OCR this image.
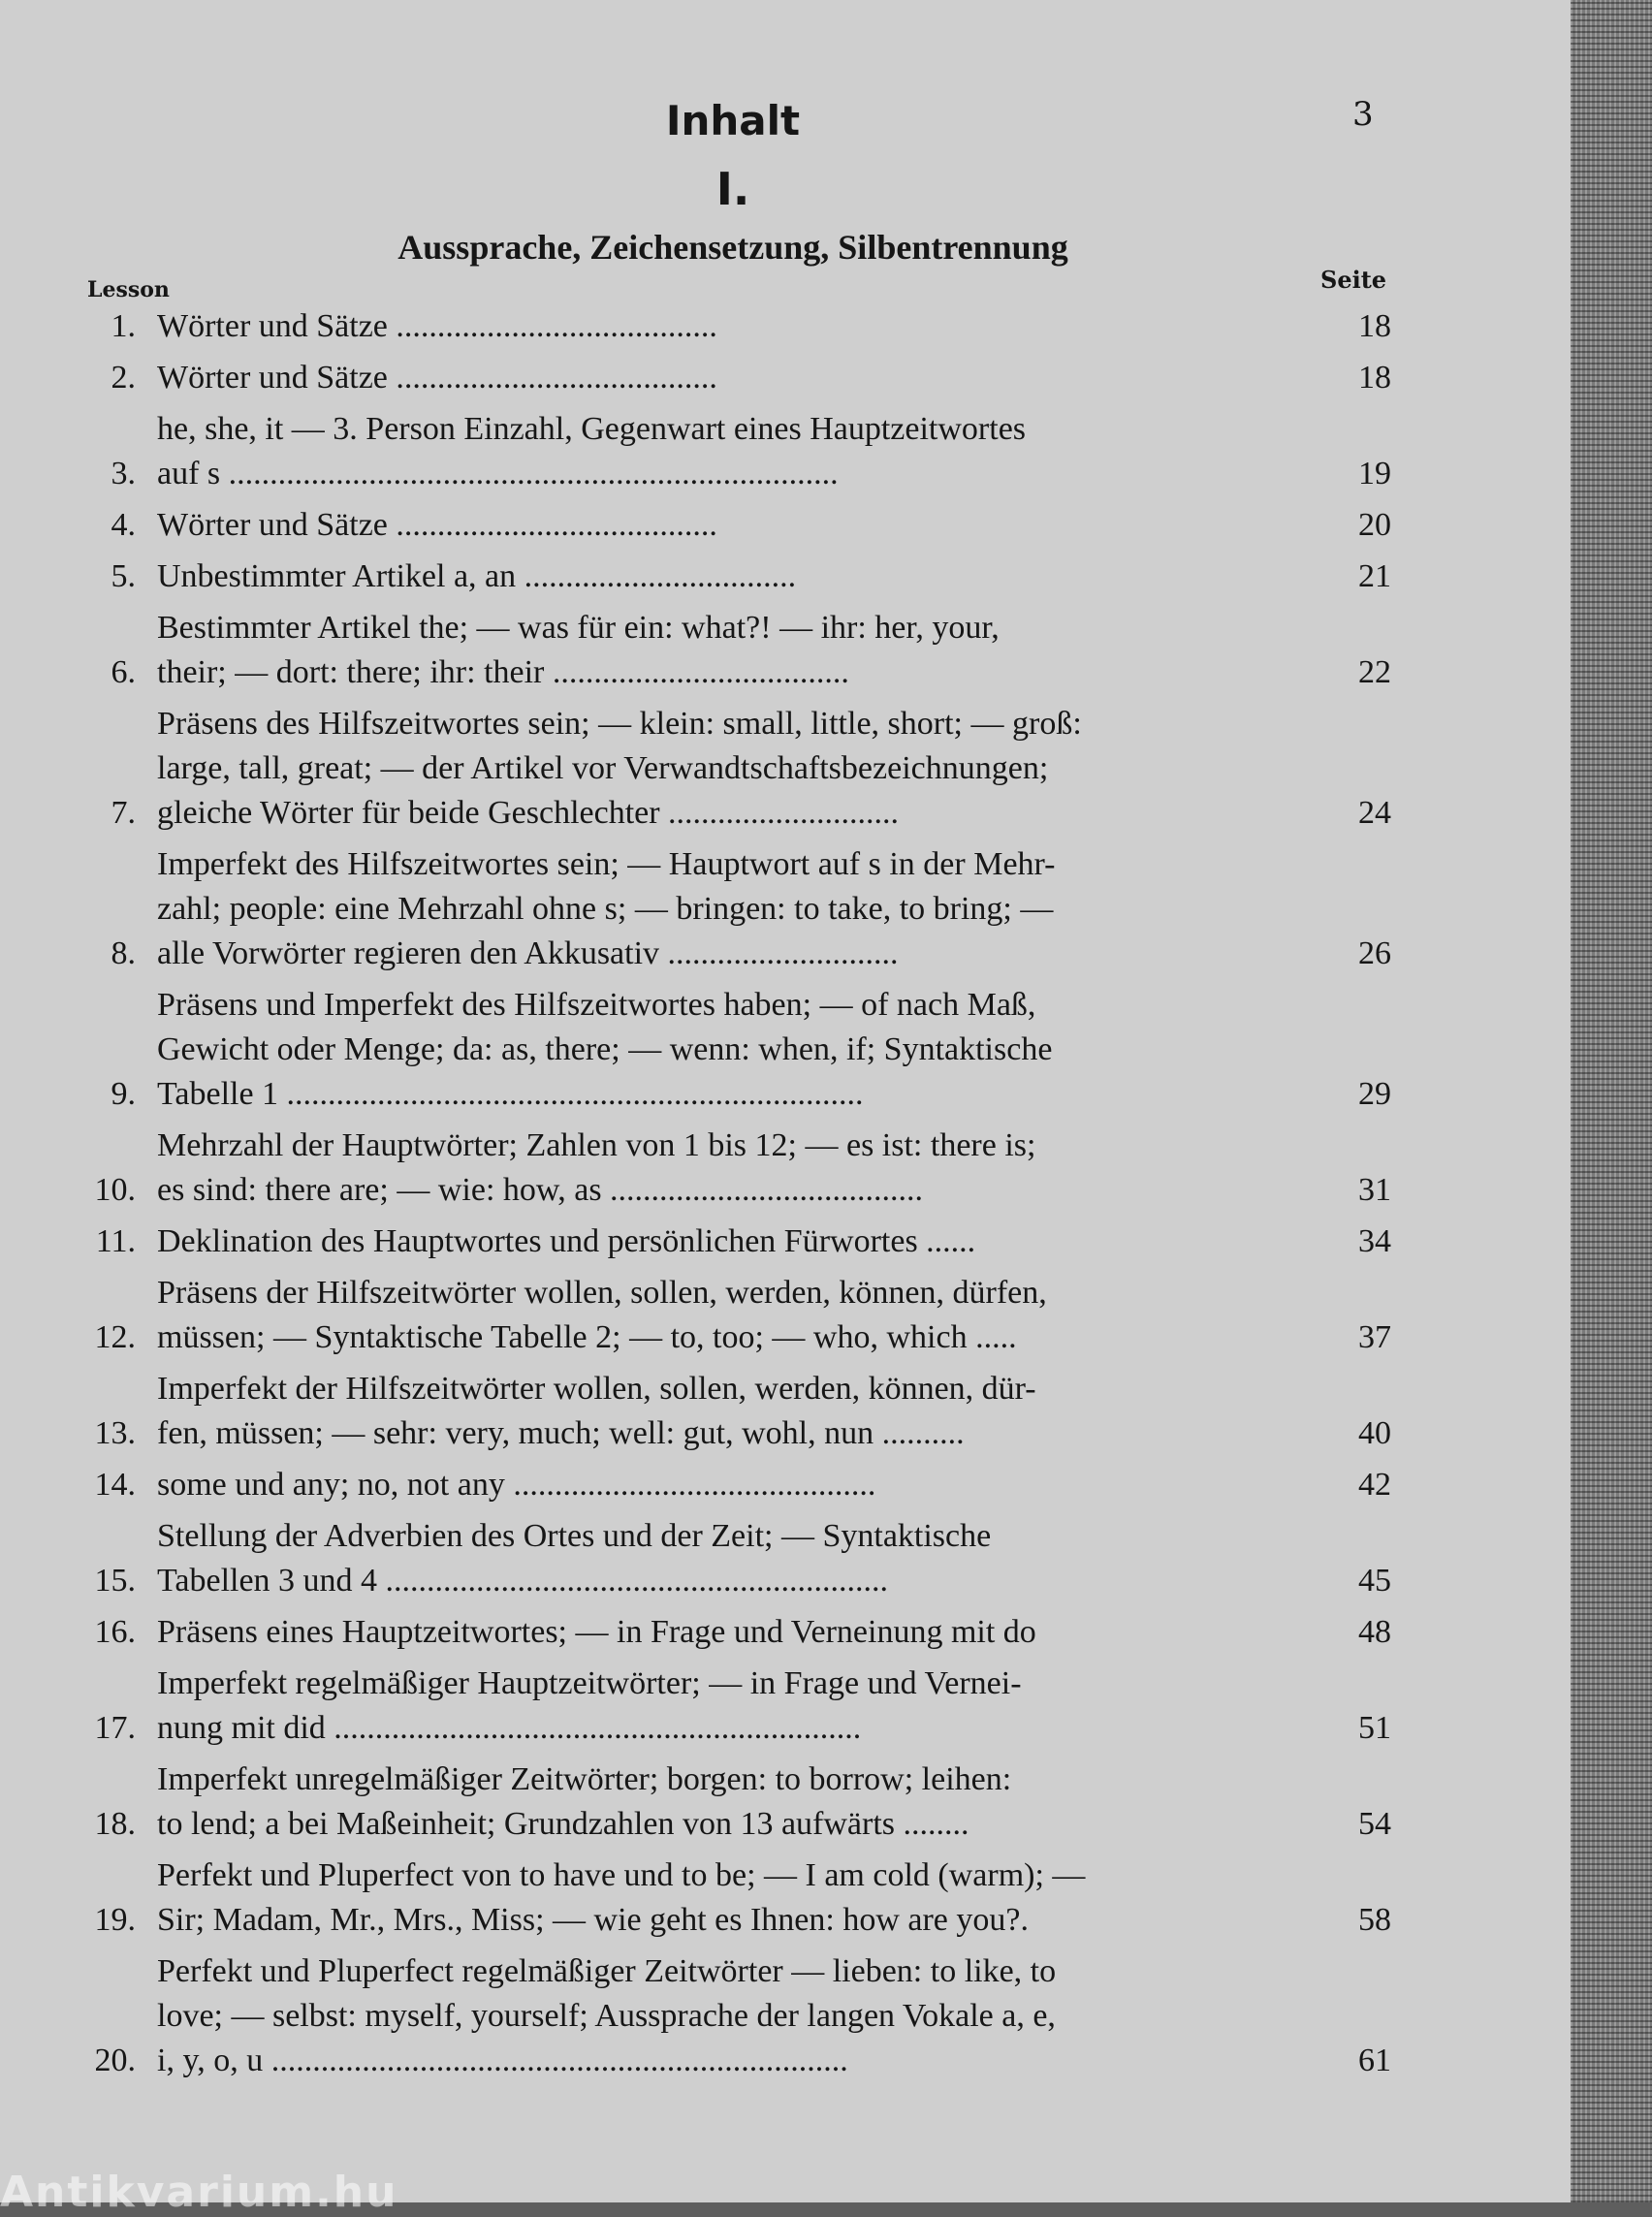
3
Inhalt
I.
Aussprache, Zeichensetzung, Silbentrennung
Lesson	Seite
1. Wörter und Sätze .......................................	18
2. Wörter und Sätze .......................................	18
3.
he, she, it — 3. Person Einzahl, Gegenwart eines Hauptzeitwortes
auf s ..........................................................................	19
4. Wörter und Sätze .......................................	20
5. Unbestimmter Artikel a, an .................................	21
6.
Bestimmter Artikel the; — was für ein: what?! — ihr: her, your,
their; — dort: there; ihr: their ....................................	22
7.
Präsens des Hilfszeitwortes sein; — klein: small, little, short; — groß:
large, tall, great; — der Artikel vor Verwandtschaftsbezeichnungen;
gleiche Wörter für beide Geschlechter ............................	24
8.
Imperfekt des Hilfszeitwortes sein; — Hauptwort auf s in der Mehr-
zahl; people: eine Mehrzahl ohne s; — bringen: to take, to bring; —
alle Vorwörter regieren den Akkusativ ............................	26
9.
Präsens und Imperfekt des Hilfszeitwortes haben; — of nach Maß,
Gewicht oder Menge; da: as, there; — wenn: when, if; Syntaktische
Tabelle 1 ......................................................................	29
10.
Mehrzahl der Hauptwörter; Zahlen von 1 bis 12; — es ist: there is;
es sind: there are; — wie: how, as ......................................	31
11. Deklination des Hauptwortes und persönlichen Fürwortes ......	34
12.
Präsens der Hilfszeitwörter wollen, sollen, werden, können, dürfen,
müssen; — Syntaktische Tabelle 2; — to, too; — who, which .....	37
13.
Imperfekt der Hilfszeitwörter wollen, sollen, werden, können, dür-
fen, müssen; — sehr: very, much; well: gut, wohl, nun ..........	40
14. some und any; no, not any ............................................	42
15.
Stellung der Adverbien des Ortes und der Zeit; — Syntaktische
Tabellen 3 und 4 .............................................................	45
16. Präsens eines Hauptzeitwortes; — in Frage und Verneinung mit do	48
17.
Imperfekt regelmäßiger Hauptzeitwörter; — in Frage und Vernei-
nung mit did ................................................................	51
18.
Imperfekt unregelmäßiger Zeitwörter; borgen: to borrow; leihen:
to lend; a bei Maßeinheit; Grundzahlen von 13 aufwärts ........	54
19.
Perfekt und Pluperfect von to have und to be; — I am cold (warm); —
Sir; Madam, Mr., Mrs., Miss; — wie geht es Ihnen: how are you?.	58
20.
Perfekt und Pluperfect regelmäßiger Zeitwörter — lieben: to like, to
love; — selbst: myself, yourself; Aussprache der langen Vokale a, e,
i, y, o, u ......................................................................	61
Antikvarium.hu
